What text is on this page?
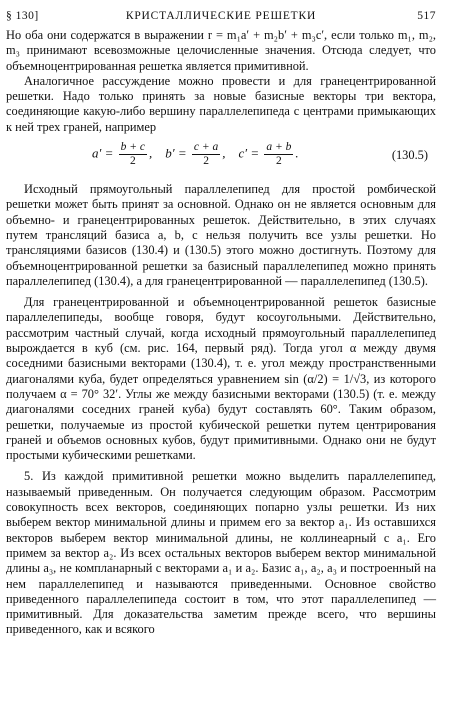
§ 130]	КРИСТАЛЛИЧЕСКИЕ РЕШЕТКИ	517

Но оба они содержатся в выражении r = m₁a′ + m₂b′ + m₃c′, если только m₁, m₂, m₃ принимают всевозможные целочисленные значения. Отсюда следует, что объемноцентрированная решетка является примитивной.

Аналогичное рассуждение можно провести и для гранецентрированной решетки. Надо только принять за новые базисные векторы три вектора, соединяющие какую-либо вершину параллелепипеда с центрами примыкающих к ней трех граней, например

$a' = \frac{b + c}{2}$ , $b' = \frac{c + a}{2}$ , $c' = \frac{a + b}{2}$ .	(130.5)

Исходный прямоугольный параллелепипед для простой ромбической решетки может быть принят за основной. Однако он не является основным для объемно- и гранецентрированных решеток. Действительно, в этих случаях путем трансляций базиса a, b, c нельзя получить все узлы решетки. Но трансляциями базисов (130.4) и (130.5) этого можно достигнуть. Поэтому для объемноцентрированной решетки за базисный параллелепипед можно принять параллелепипед (130.4), а для гранецентрированной — параллелепипед (130.5).

Для гранецентрированной и объемноцентрированной решеток базисные параллелепипеды, вообще говоря, будут косоугольными. Действительно, рассмотрим частный случай, когда исходный прямоугольный параллелепипед вырождается в куб (см. рис. 164, первый ряд). Тогда угол α между двумя соседними базисными векторами (130.4), т. е. угол между пространственными диагоналями куба, будет определяться уравнением sin (α/2) = 1/√3, из которого получаем α = 70° 32′. Углы же между базисными векторами (130.5) (т. е. между диагоналями соседних граней куба) будут составлять 60°. Таким образом, решетки, получаемые из простой кубической решетки путем центрирования граней и объемов основных кубов, будут примитивными. Однако они не будут простыми кубическими решетками.

5. Из каждой примитивной решетки можно выделить параллелепипед, называемый приведенным. Он получается следующим образом. Рассмотрим совокупность всех векторов, соединяющих попарно узлы решетки. Из них выберем вектор минимальной длины и примем его за вектор a₁. Из оставшихся векторов выберем вектор минимальной длины, не коллинеарный с a₁. Его примем за вектор a₂. Из всех остальных векторов выберем вектор минимальной длины a₃, не компланарный с векторами a₁ и a₂. Базис a₁, a₂, a₃ и построенный на нем параллелепипед и называются приведенными. Основное свойство приведенного параллелепипеда состоит в том, что этот параллелепипед — примитивный. Для доказательства заметим прежде всего, что вершины приведенного, как и всякого
